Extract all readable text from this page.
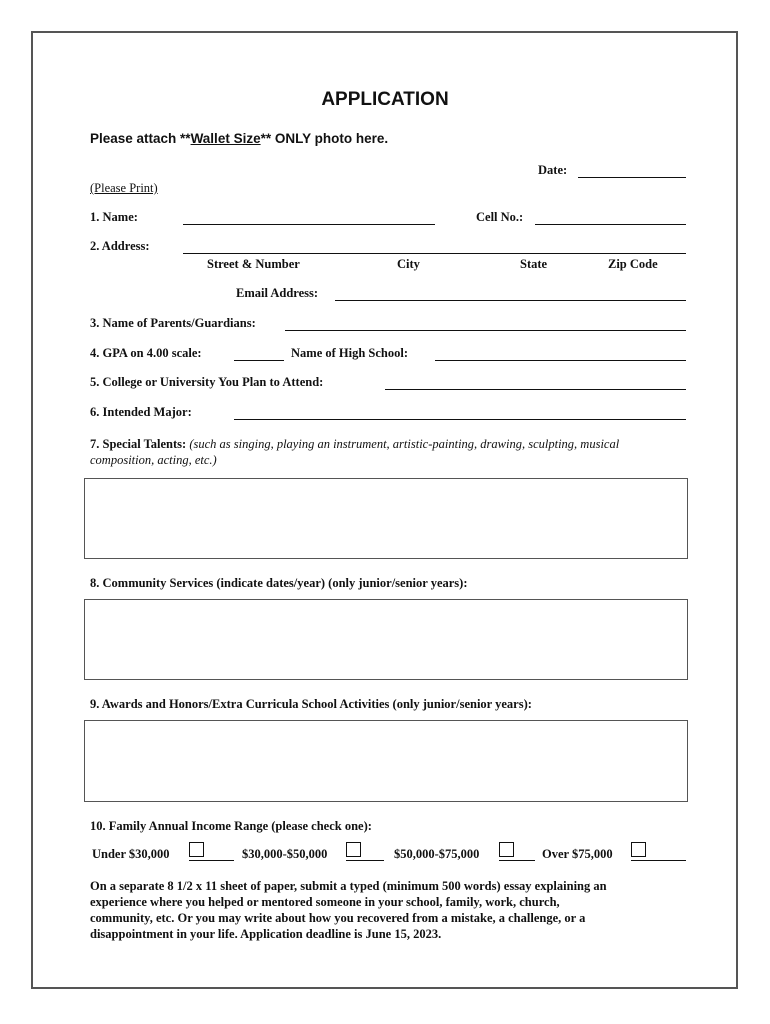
APPLICATION
Please attach **Wallet Size** ONLY photo here.
Date:
(Please Print)
1. Name:	Cell No.:
2. Address:
Street & Number	City	State	Zip Code
Email Address:
3. Name of Parents/Guardians:
4. GPA on 4.00 scale:	Name of High School:
5. College or University You Plan to Attend:
6. Intended Major:
7. Special Talents: (such as singing, playing an instrument, artistic-painting, drawing, sculpting, musical
composition, acting, etc.)
8. Community Services (indicate dates/year) (only junior/senior years):
9. Awards and Honors/Extra Curricula School Activities (only junior/senior years):
10. Family Annual Income Range (please check one):
Under $30,000	$30,000-$50,000	$50,000-$75,000	Over $75,000
On a separate 8 1/2 x 11 sheet of paper, submit a typed (minimum 500 words) essay explaining an
experience where you helped or mentored someone in your school, family, work, church,
community, etc. Or you may write about how you recovered from a mistake, a challenge, or a
disappointment in your life. Application deadline is June 15, 2023.
